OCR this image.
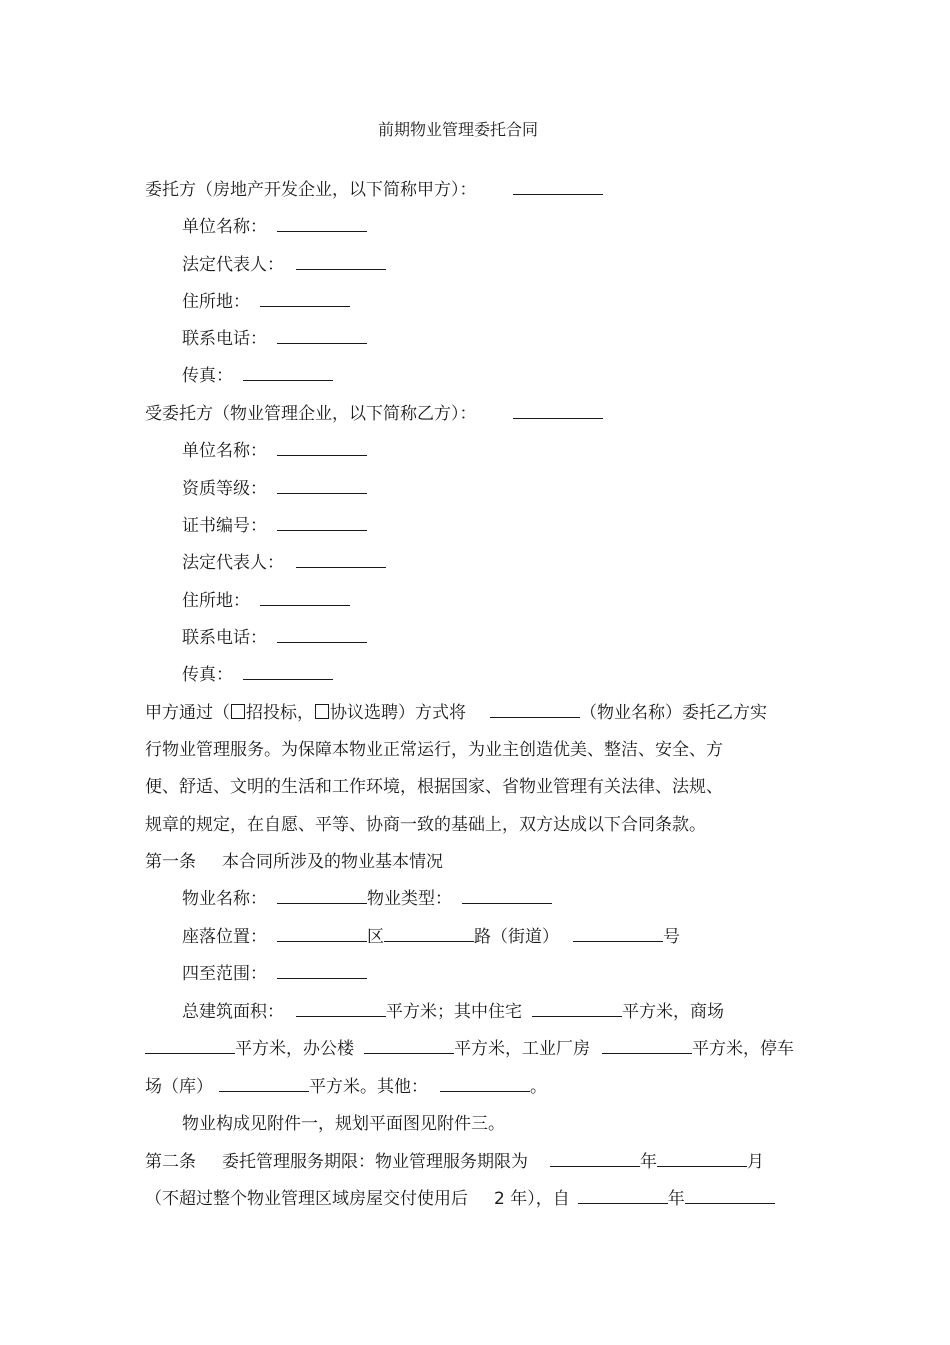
前期物业管理委托合同
委托方（房地产开发企业，以下简称甲方）：
单位名称：
法定代表人：
住所地：
联系电话：
传真：
受委托方（物业管理企业，以下简称乙方）：
单位名称：
资质等级：
证书编号：
法定代表人：
住所地：
联系电话：
传真：
甲方通过（ 招投标， 协议选聘）方式将	（物业名称）委托乙方实
行物业管理服务。为保障本物业正常运行，为业主创造优美、整洁、安全、方
便、舒适、文明的生活和工作环境，根据国家、省物业管理有关法律、法规、
规章的规定，在自愿、平等、协商一致的基础上，双方达成以下合同条款。
第一条 本合同所涉及的物业基本情况
物业名称：	物业类型：
座落位置：	区	路（街道）	号
四至范围：
总建筑面积：	平方米；其中住宅	平方米，商场
平方米，办公楼	平方米，工业厂房	平方米，停车
场（库）	平方米。其他：	。
物业构成见附件一，规划平面图见附件三。
第二条 委托管理服务期限：物业管理服务期限为	年	月
（不超过整个物业管理区域房屋交付使用后 2 年），自	年
